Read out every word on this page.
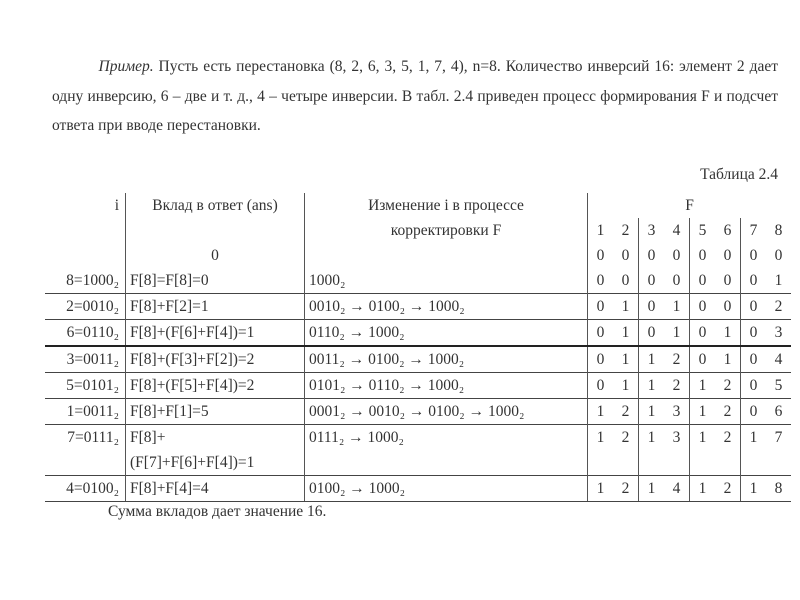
   Пример. Пусть есть перестановка (8, 2, 6, 3, 5, 1, 7, 4), n=8. Количество инверсий 16: элемент 2 дает одну инверсию, 6 – две и т. д., 4 – четыре инверсии. В табл. 2.4 приведен процесс формирования F и подсчет ответа при вводе перестановки.
Таблица 2.4
i	Вклад в ответ (ans)	Изменение i в процессе	F							
		корректировки F	1	2	3	4	5	6	7	8
	0		0	0	0	0	0	0	0	0
8=1000₂	F[8]=F[8]=0	1000₂	0	0	0	0	0	0	0	1
2=0010₂	F[8]+F[2]=1	0010₂ → 0100₂ → 1000₂	0	1	0	1	0	0	0	2
6=0110₂	F[8]+(F[6]+F[4])=1	0110₂ → 1000₂	0	1	0	1	0	1	0	3
3=0011₂	F[8]+(F[3]+F[2])=2	0011₂ → 0100₂ → 1000₂	0	1	1	2	0	1	0	4
5=0101₂	F[8]+(F[5]+F[4])=2	0101₂ → 0110₂ → 1000₂	0	1	1	2	1	2	0	5
1=0011₂	F[8]+F[1]=5	0001₂ → 0010₂ → 0100₂ → 1000₂	1	2	1	3	1	2	0	6
7=0111₂	F[8]+
(F[7]+F[6]+F[4])=1	0111₂ → 1000₂	1	2	1	3	1	2	1	7
4=0100₂	F[8]+F[4]=4	0100₂ → 1000₂	1	2	1	4	1	2	1	8
Сумма вкладов дает значение 16.
